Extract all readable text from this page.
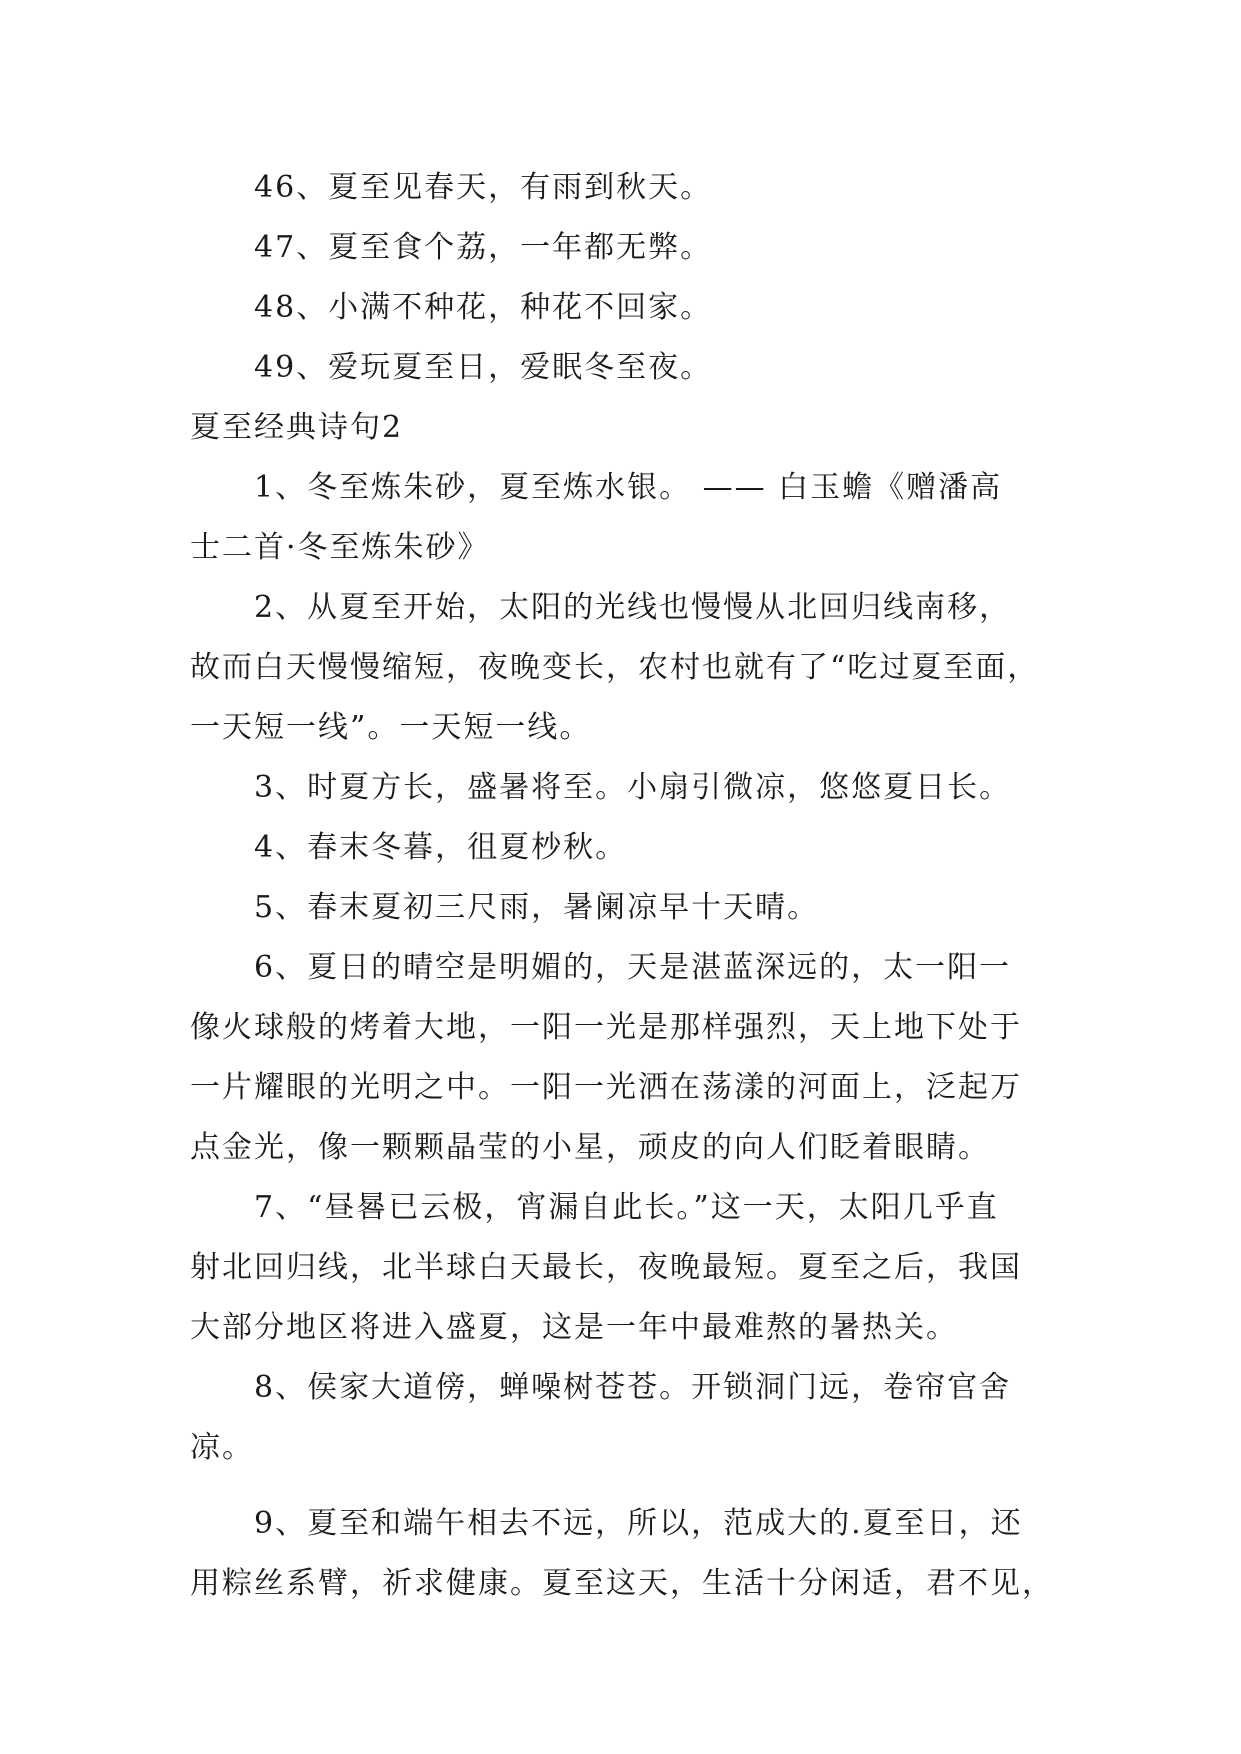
46、夏至见春天，有雨到秋天。
47、夏至食个荔，一年都无弊。
48、小满不种花，种花不回家。
49、爱玩夏至日，爱眠冬至夜。
夏至经典诗句2
1、冬至炼朱砂，夏至炼水银。 —— 白玉蟾《赠潘高
士二首·冬至炼朱砂》
2、从夏至开始，太阳的光线也慢慢从北回归线南移，
故而白天慢慢缩短，夜晚变长，农村也就有了“吃过夏至面，
一天短一线”。一天短一线。
3、时夏方长，盛暑将至。小扇引微凉，悠悠夏日长。
4、春末冬暮，徂夏杪秋。
5、春末夏初三尺雨，暑阑凉早十天晴。
6、夏日的晴空是明媚的，天是湛蓝深远的，太一阳一
像火球般的烤着大地，一阳一光是那样强烈，天上地下处于
一片耀眼的光明之中。一阳一光洒在荡漾的河面上，泛起万
点金光，像一颗颗晶莹的小星，顽皮的向人们眨着眼睛。
7、“昼晷已云极，宵漏自此长。”这一天，太阳几乎直
射北回归线，北半球白天最长，夜晚最短。夏至之后，我国
大部分地区将进入盛夏，这是一年中最难熬的暑热关。
8、侯家大道傍，蝉噪树苍苍。开锁洞门远，卷帘官舍
凉。
9、夏至和端午相去不远，所以，范成大的.夏至日，还
用粽丝系臂，祈求健康。夏至这天，生活十分闲适，君不见，
